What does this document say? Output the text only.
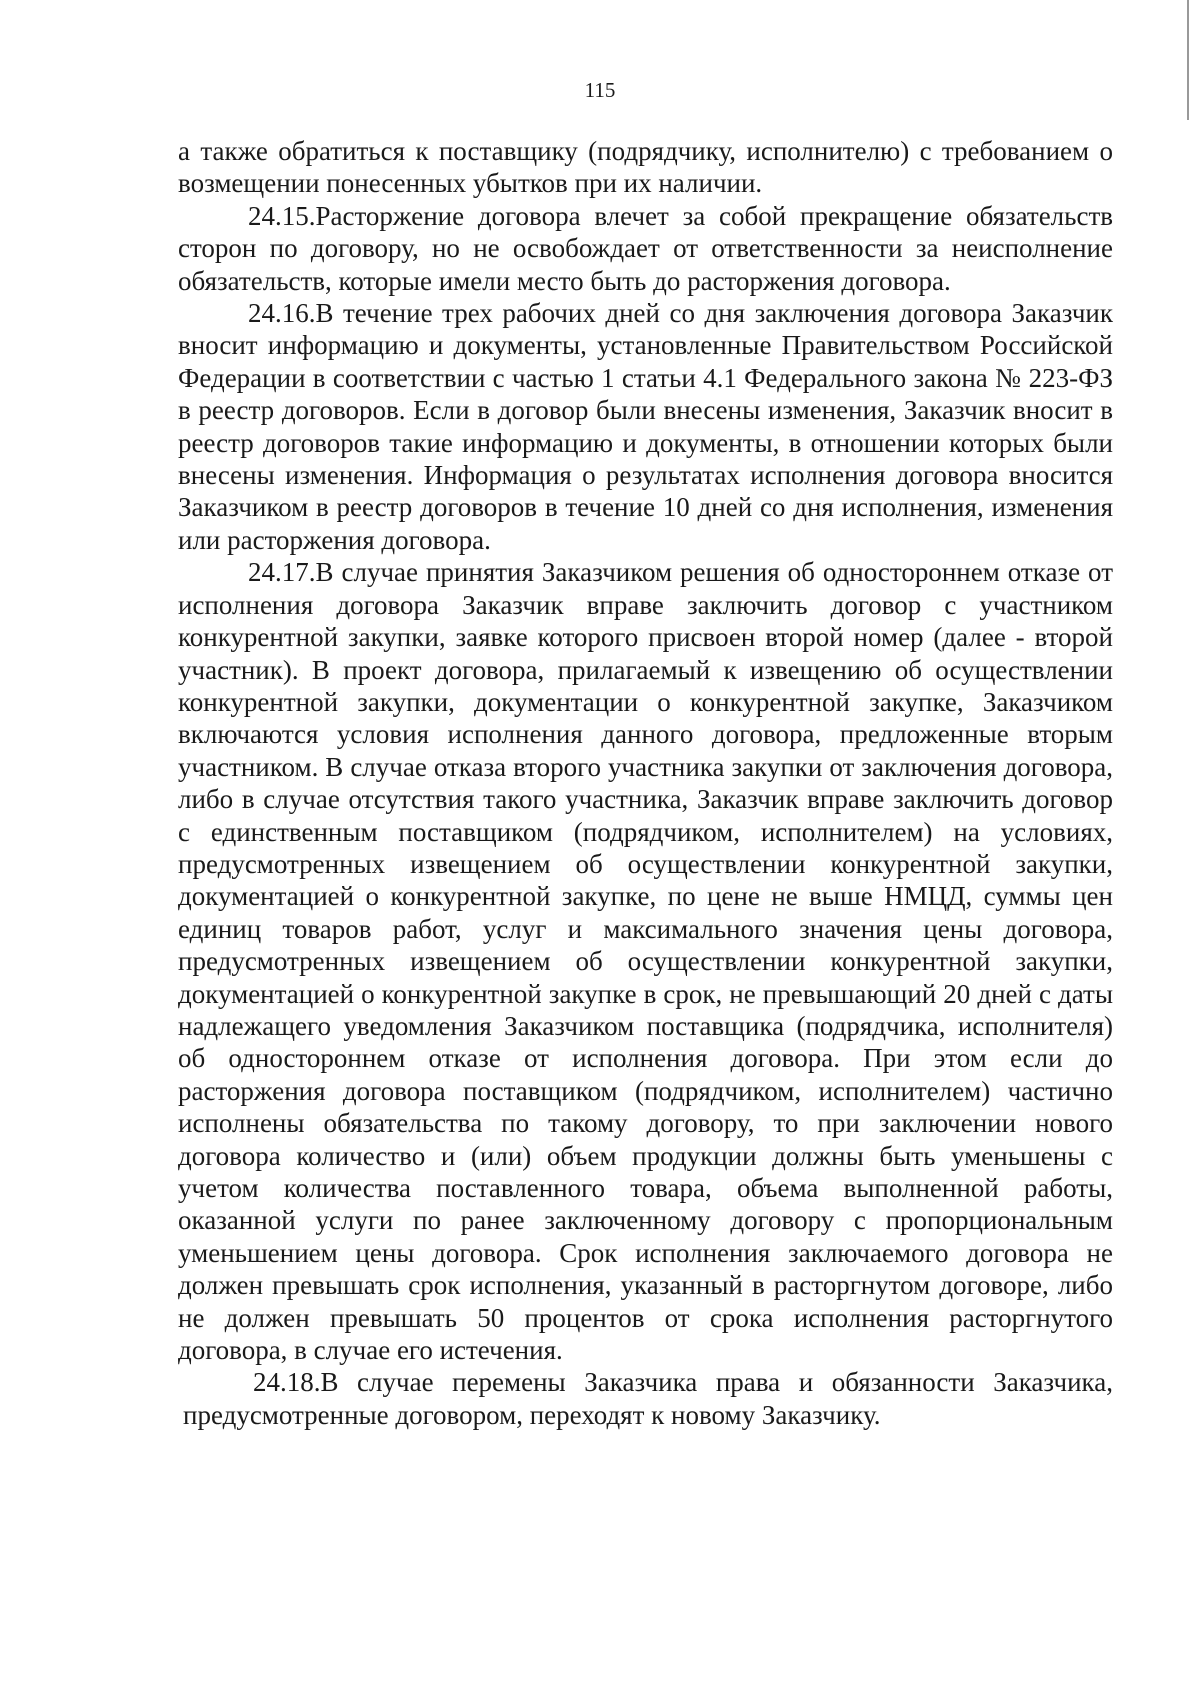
115

а также обратиться к поставщику (подрядчику, исполнителю) с требованием о возмещении понесенных убытков при их наличии.

24.15.Расторжение договора влечет за собой прекращение обязательств сторон по договору, но не освобождает от ответственности за неисполнение обязательств, которые имели место быть до расторжения договора.

24.16.В течение трех рабочих дней со дня заключения договора Заказчик вносит информацию и документы, установленные Правительством Российской Федерации в соответствии с частью 1 статьи 4.1 Федерального закона № 223-ФЗ в реестр договоров. Если в договор были внесены изменения, Заказчик вносит в реестр договоров такие информацию и документы, в отношении которых были внесены изменения. Информация о результатах исполнения договора вносится Заказчиком в реестр договоров в течение 10 дней со дня исполнения, изменения или расторжения договора.

24.17.В случае принятия Заказчиком решения об одностороннем отказе от исполнения договора Заказчик вправе заключить договор с участником конкурентной закупки, заявке которого присвоен второй номер (далее - второй участник). В проект договора, прилагаемый к извещению об осуществлении конкурентной закупки, документации о конкурентной закупке, Заказчиком включаются условия исполнения данного договора, предложенные вторым участником. В случае отказа второго участника закупки от заключения договора, либо в случае отсутствия такого участника, Заказчик вправе заключить договор с единственным поставщиком (подрядчиком, исполнителем) на условиях, предусмотренных извещением об осуществлении конкурентной закупки, документацией о конкурентной закупке, по цене не выше НМЦД, суммы цен единиц товаров работ, услуг и максимального значения цены договора, предусмотренных извещением об осуществлении конкурентной закупки, документацией о конкурентной закупке в срок, не превышающий 20 дней с даты надлежащего уведомления Заказчиком поставщика (подрядчика, исполнителя) об одностороннем отказе от исполнения договора. При этом если до расторжения договора поставщиком (подрядчиком, исполнителем) частично исполнены обязательства по такому договору, то при заключении нового договора количество и (или) объем продукции должны быть уменьшены с учетом количества поставленного товара, объема выполненной работы, оказанной услуги по ранее заключенному договору с пропорциональным уменьшением цены договора. Срок исполнения заключаемого договора не должен превышать срок исполнения, указанный в расторгнутом договоре, либо не должен превышать 50 процентов от срока исполнения расторгнутого договора, в случае его истечения.

24.18.В случае перемены Заказчика права и обязанности Заказчика, предусмотренные договором, переходят к новому Заказчику.
